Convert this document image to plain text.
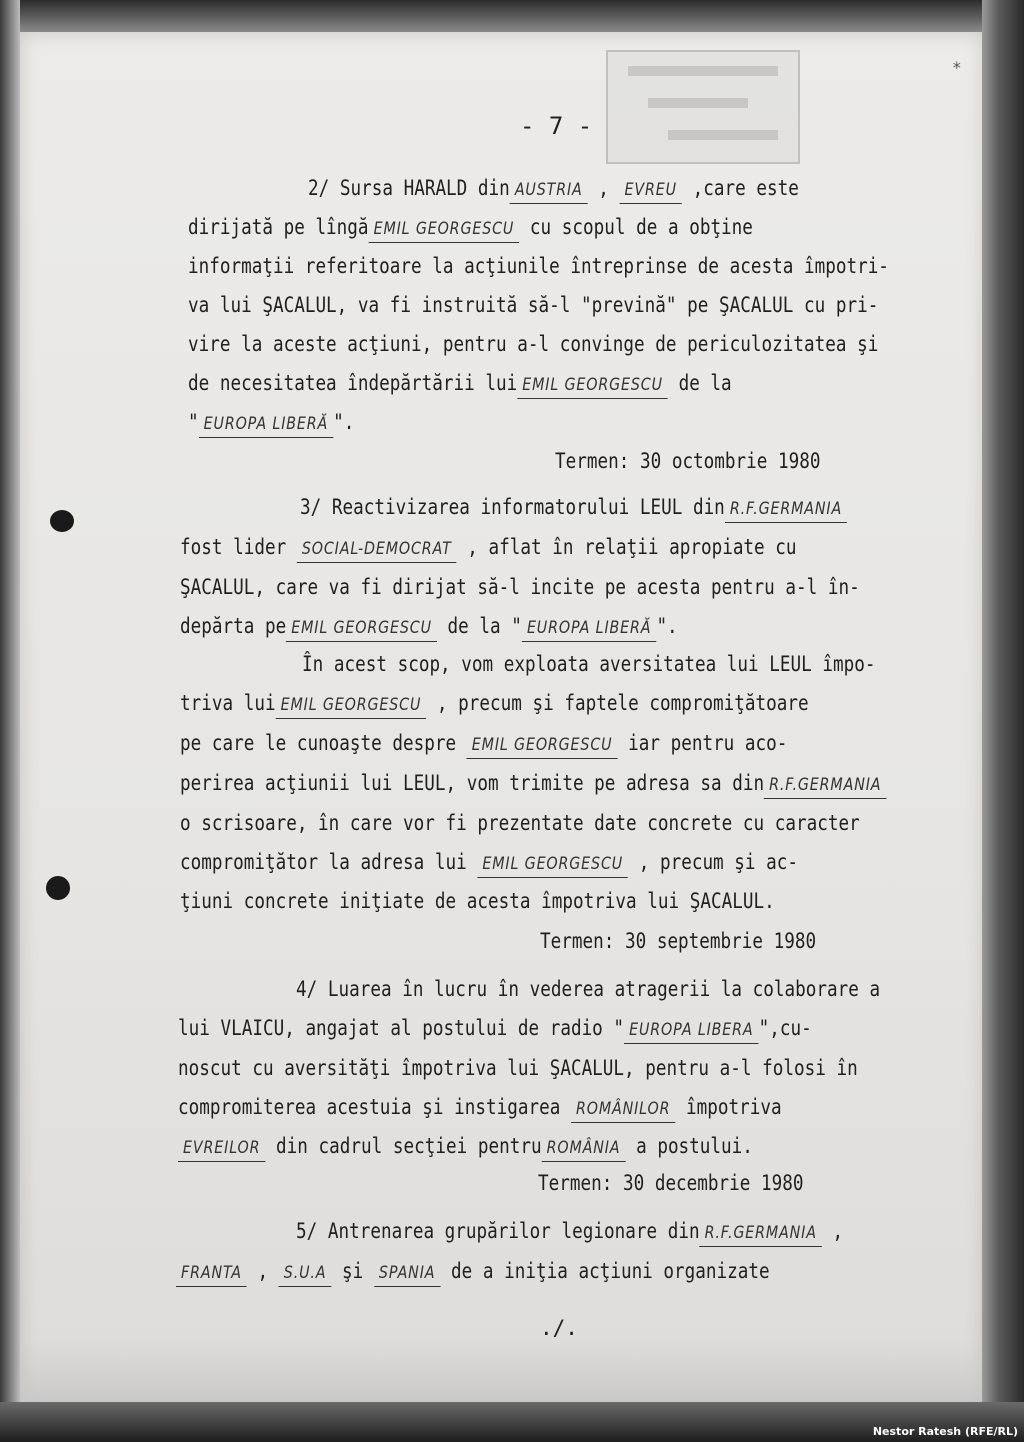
*
- 7 -
2/ Sursa HARALD din AUSTRIA , EVREU ,care este
dirijată pe lîngă EMIL GEORGESCU cu scopul de a obţine
informaţii referitoare la acţiunile întreprinse de acesta împotri-
va lui ŞACALUL, va fi instruită să-l "prevină" pe ŞACALUL cu pri-
vire la aceste acţiuni, pentru a-l convinge de periculozitatea şi
de necesitatea îndepărtării lui EMIL GEORGESCU de la
" EUROPA LIBERĂ ".
Termen: 30 octombrie 1980
3/ Reactivizarea informatorului LEUL din R.F.GERMANIA
fost lider SOCIAL-DEMOCRAT , aflat în relaţii apropiate cu
ŞACALUL, care va fi dirijat să-l incite pe acesta pentru a-l în-
depărta pe EMIL GEORGESCU de la " EUROPA LIBERĂ ".
În acest scop, vom exploata aversitatea lui LEUL împo-
triva lui EMIL GEORGESCU , precum şi faptele compromiţătoare
pe care le cunoaşte despre EMIL GEORGESCU iar pentru aco-
perirea acţiunii lui LEUL, vom trimite pe adresa sa din R.F.GERMANIA
o scrisoare, în care vor fi prezentate date concrete cu caracter
compromiţător la adresa lui EMIL GEORGESCU , precum şi ac-
ţiuni concrete iniţiate de acesta împotriva lui ŞACALUL.
Termen: 30 septembrie 1980
4/ Luarea în lucru în vederea atragerii la colaborare a
lui VLAICU, angajat al postului de radio " EUROPA LIBERA ",cu-
noscut cu aversităţi împotriva lui ŞACALUL, pentru a-l folosi în
compromiterea acestuia şi instigarea ROMÂNILOR împotriva
EVREILOR din cadrul secţiei pentru ROMÂNIA a postului.
Termen: 30 decembrie 1980
5/ Antrenarea grupărilor legionare din R.F.GERMANIA ,
FRANTA , S.U.A şi SPANIA de a iniţia acţiuni organizate
./.
Nestor Ratesh (RFE/RL)
